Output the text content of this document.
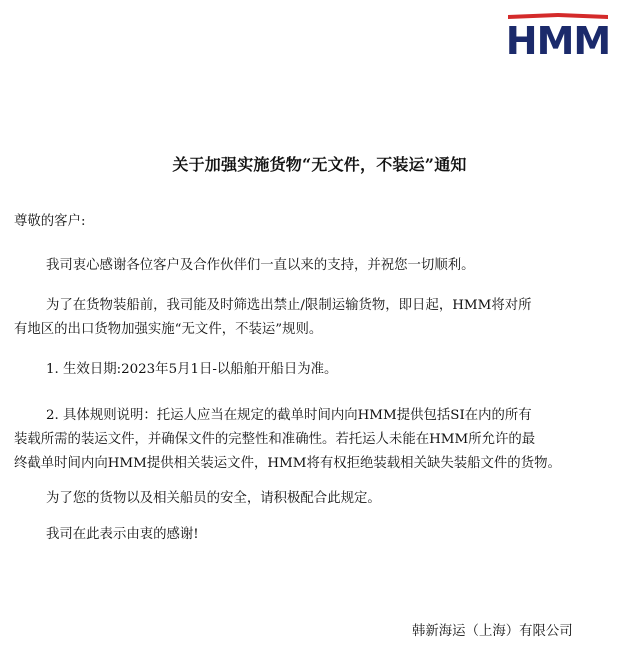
HMM
关于加强实施货物“无文件，不装运”通知

尊敬的客户:

我司衷心感谢各位客户及合作伙伴们一直以来的支持，并祝您一切顺利。

为了在货物装船前，我司能及时筛选出禁止/限制运输货物，即日起，HMM将对所

有地区的出口货物加强实施“无文件，不装运”规则。

1. 生效日期:2023年5月1日-以船舶开船日为准。

2. 具体规则说明：托运人应当在规定的截单时间内向HMM提供包括SI在内的所有

装载所需的装运文件，并确保文件的完整性和准确性。若托运人未能在HMM所允许的最

终截单时间内向HMM提供相关装运文件，HMM将有权拒绝装载相关缺失装船文件的货物。

为了您的货物以及相关船员的安全，请积极配合此规定。

我司在此表示由衷的感谢!

韩新海运（上海）有限公司
